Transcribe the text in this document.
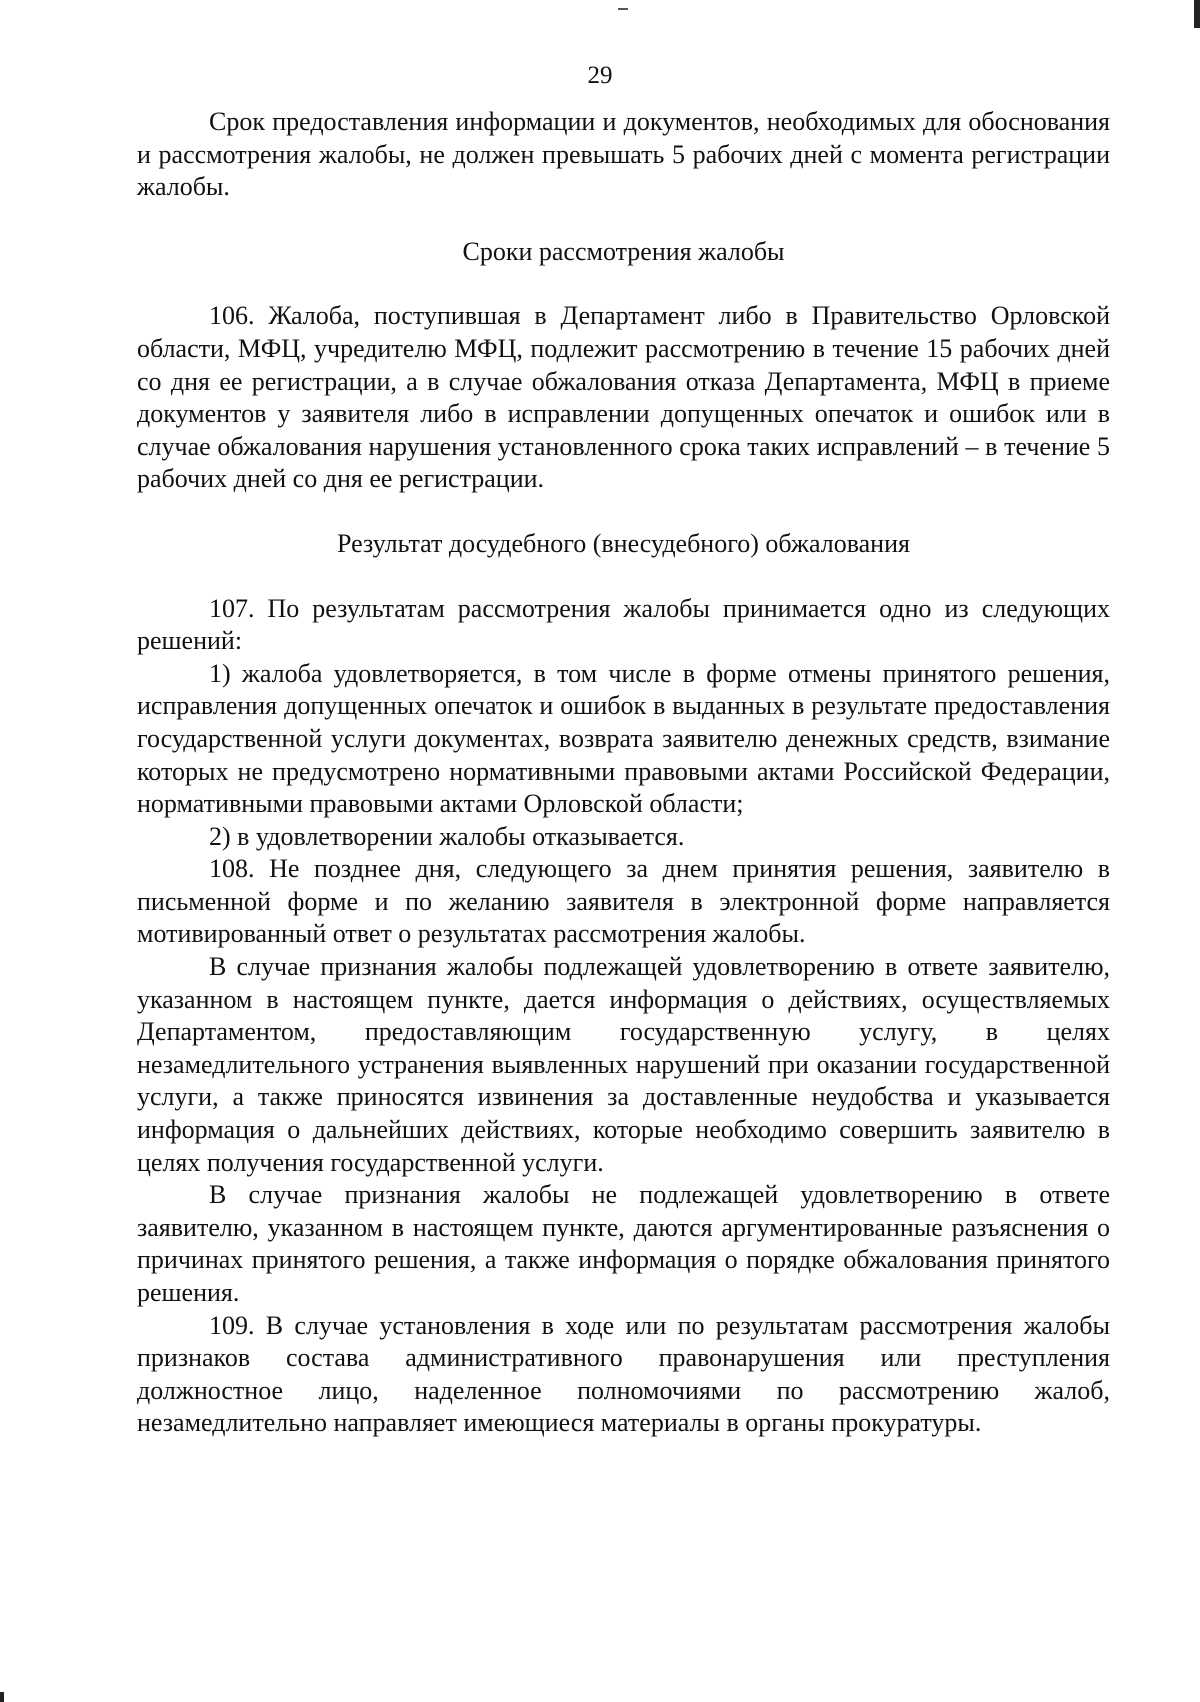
29

Срок предоставления информации и документов, необходимых для обоснования и рассмотрения жалобы, не должен превышать 5 рабочих дней с момента регистрации жалобы.

Сроки рассмотрения жалобы

106. Жалоба, поступившая в Департамент либо в Правительство Орловской области, МФЦ, учредителю МФЦ, подлежит рассмотрению в течение 15 рабочих дней со дня ее регистрации, а в случае обжалования отказа Департамента, МФЦ в приеме документов у заявителя либо в исправлении допущенных опечаток и ошибок или в случае обжалования нарушения установленного срока таких исправлений – в течение 5 рабочих дней со дня ее регистрации.

Результат досудебного (внесудебного) обжалования

107. По результатам рассмотрения жалобы принимается одно из следующих решений:

1) жалоба удовлетворяется, в том числе в форме отмены принятого решения, исправления допущенных опечаток и ошибок в выданных в результате предоставления государственной услуги документах, возврата заявителю денежных средств, взимание которых не предусмотрено нормативными правовыми актами Российской Федерации, нормативными правовыми актами Орловской области;

2) в удовлетворении жалобы отказывается.

108. Не позднее дня, следующего за днем принятия решения, заявителю в письменной форме и по желанию заявителя в электронной форме направляется мотивированный ответ о результатах рассмотрения жалобы.

В случае признания жалобы подлежащей удовлетворению в ответе заявителю, указанном в настоящем пункте, дается информация о действиях, осуществляемых Департаментом, предоставляющим государственную услугу, в целях незамедлительного устранения выявленных нарушений при оказании государственной услуги, а также приносятся извинения за доставленные неудобства и указывается информация о дальнейших действиях, которые необходимо совершить заявителю в целях получения государственной услуги.

В случае признания жалобы не подлежащей удовлетворению в ответе заявителю, указанном в настоящем пункте, даются аргументированные разъяснения о причинах принятого решения, а также информация о порядке обжалования принятого решения.

109. В случае установления в ходе или по результатам рассмотрения жалобы признаков состава административного правонарушения или преступления должностное лицо, наделенное полномочиями по рассмотрению жалоб, незамедлительно направляет имеющиеся материалы в органы прокуратуры.
